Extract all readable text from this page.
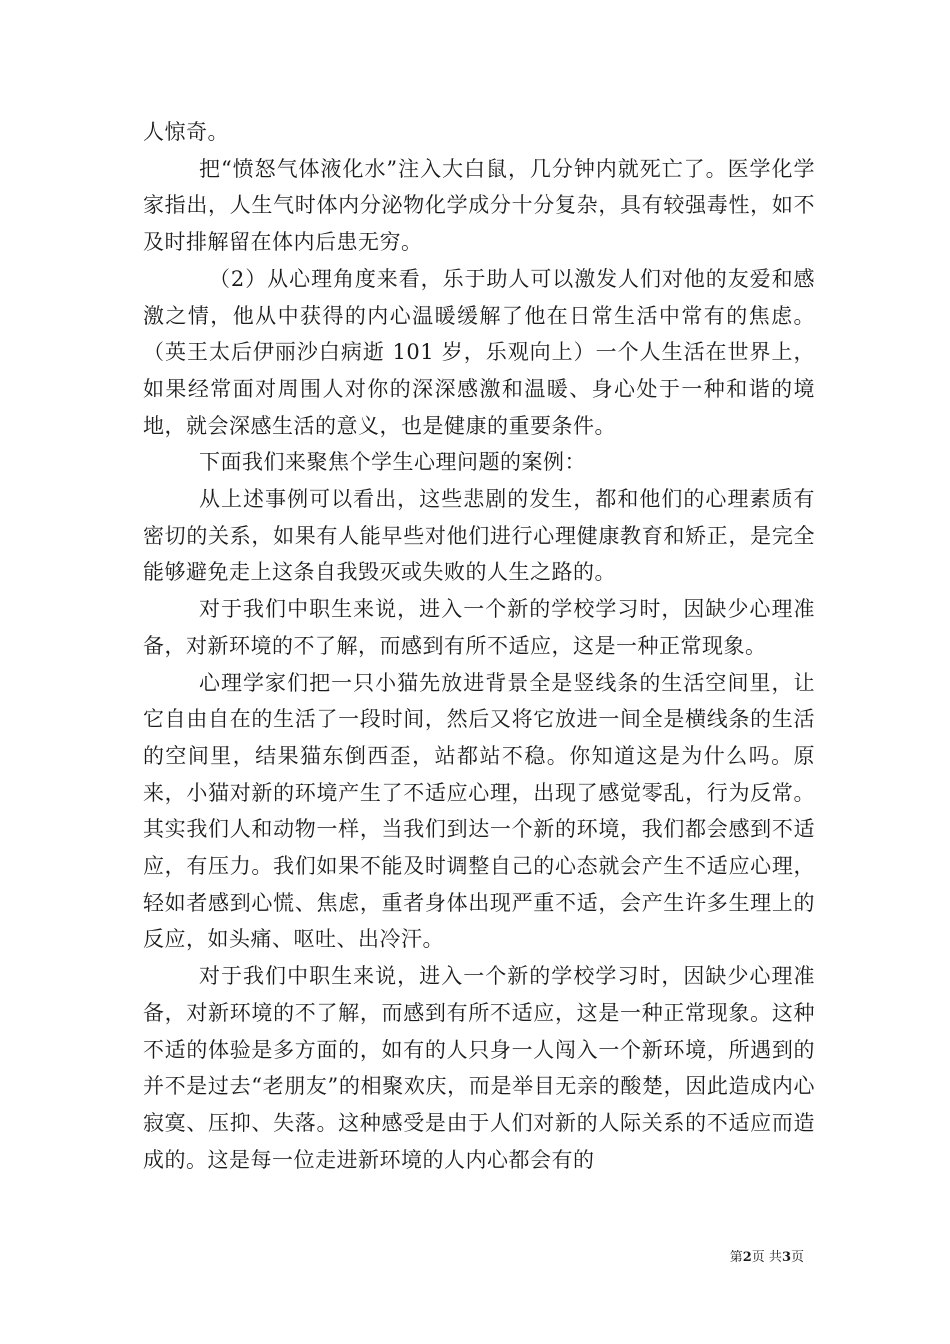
人惊奇。

把“愤怒气体液化水”注入大白鼠，几分钟内就死亡了。医学化学家指出，人生气时体内分泌物化学成分十分复杂，具有较强毒性，如不及时排解留在体内后患无穷。

（2）从心理角度来看，乐于助人可以激发人们对他的友爱和感激之情，他从中获得的内心温暖缓解了他在日常生活中常有的焦虑。（英王太后伊丽沙白病逝 101 岁，乐观向上）一个人生活在世界上，如果经常面对周围人对你的深深感激和温暖、身心处于一种和谐的境地，就会深感生活的意义，也是健康的重要条件。

下面我们来聚焦个学生心理问题的案例：

从上述事例可以看出，这些悲剧的发生，都和他们的心理素质有密切的关系，如果有人能早些对他们进行心理健康教育和矫正，是完全能够避免走上这条自我毁灭或失败的人生之路的。

对于我们中职生来说，进入一个新的学校学习时，因缺少心理准备，对新环境的不了解，而感到有所不适应，这是一种正常现象。

心理学家们把一只小猫先放进背景全是竖线条的生活空间里，让它自由自在的生活了一段时间，然后又将它放进一间全是横线条的生活的空间里，结果猫东倒西歪，站都站不稳。你知道这是为什么吗。原来，小猫对新的环境产生了不适应心理，出现了感觉零乱，行为反常。其实我们人和动物一样，当我们到达一个新的环境，我们都会感到不适应，有压力。我们如果不能及时调整自己的心态就会产生不适应心理，轻如者感到心慌、焦虑，重者身体出现严重不适，会产生许多生理上的反应，如头痛、呕吐、出冷汗。

对于我们中职生来说，进入一个新的学校学习时，因缺少心理准备，对新环境的不了解，而感到有所不适应，这是一种正常现象。这种不适的体验是多方面的，如有的人只身一人闯入一个新环境，所遇到的并不是过去“老朋友”的相聚欢庆，而是举目无亲的酸楚，因此造成内心寂寞、压抑、失落。这种感受是由于人们对新的人际关系的不适应而造成的。这是每一位走进新环境的人内心都会有的

第2页 共3页
